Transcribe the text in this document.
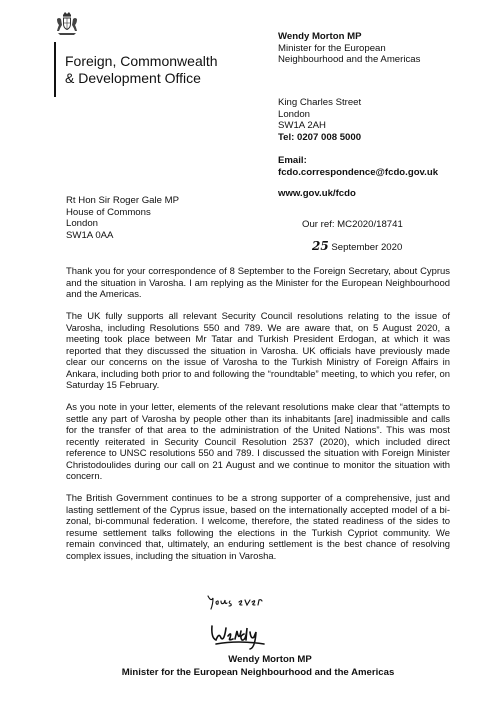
Foreign, Commonwealth
& Development Office
Wendy Morton MP
Minister for the European
Neighbourhood and the Americas
King Charles Street
London
SW1A 2AH
Tel: 0207 008 5000
Email:
fcdo.correspondence@fcdo.gov.uk
www.gov.uk/fcdo
Our ref: MC2020/18741
25 September 2020
Rt Hon Sir Roger Gale MP
House of Commons
London
SW1A 0AA

Thank you for your correspondence of 8 September to the Foreign Secretary, about Cyprus and the situation in Varosha. I am replying as the Minister for the European Neighbourhood and the Americas.

The UK fully supports all relevant Security Council resolutions relating to the issue of Varosha, including Resolutions 550 and 789. We are aware that, on 5 August 2020, a meeting took place between Mr Tatar and Turkish President Erdogan, at which it was reported that they discussed the situation in Varosha. UK officials have previously made clear our concerns on the issue of Varosha to the Turkish Ministry of Foreign Affairs in Ankara, including both prior to and following the “roundtable” meeting, to which you refer, on Saturday 15 February.

As you note in your letter, elements of the relevant resolutions make clear that “attempts to settle any part of Varosha by people other than its inhabitants [are] inadmissible and calls for the transfer of that area to the administration of the United Nations”. This was most recently reiterated in Security Council Resolution 2537 (2020), which included direct reference to UNSC resolutions 550 and 789. I discussed the situation with Foreign Minister Christodoulides during our call on 21 August and we continue to monitor the situation with concern.

The British Government continues to be a strong supporter of a comprehensive, just and lasting settlement of the Cyprus issue, based on the internationally accepted model of a bi-zonal, bi-communal federation. I welcome, therefore, the stated readiness of the sides to resume settlement talks following the elections in the Turkish Cypriot community. We remain convinced that, ultimately, an enduring settlement is the best chance of resolving complex issues, including the situation in Varosha.

Wendy Morton MP
Minister for the European Neighbourhood and the Americas
